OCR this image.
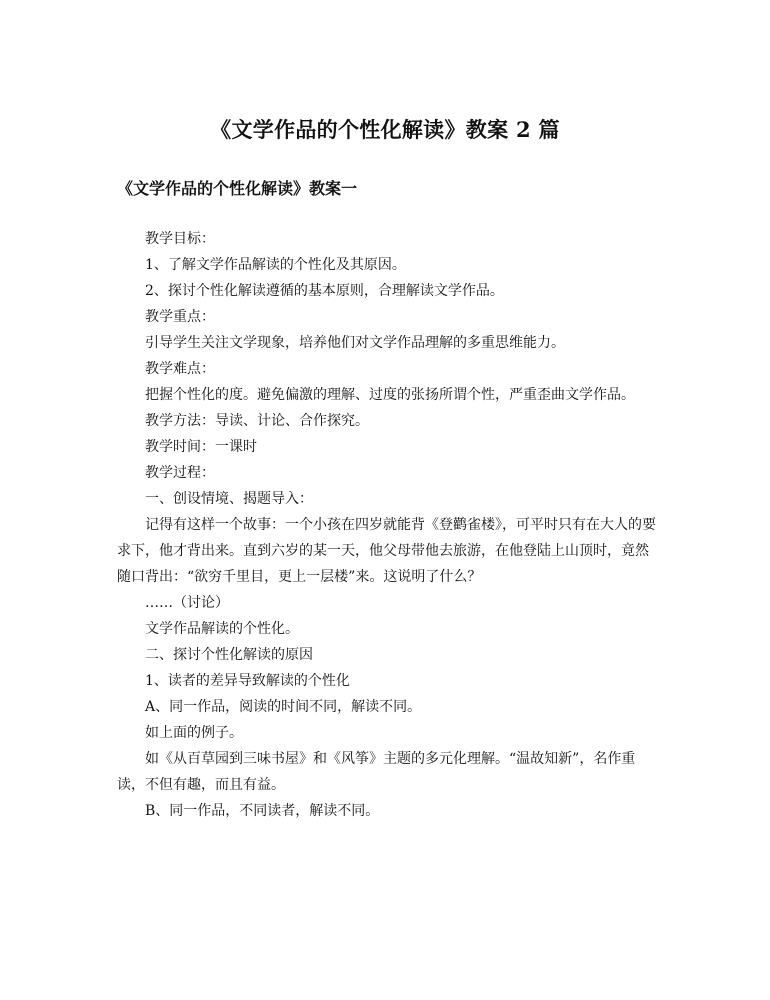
《文学作品的个性化解读》教案 2 篇
《文学作品的个性化解读》教案一

教学目标：

1、了解文学作品解读的个性化及其原因。

2、探讨个性化解读遵循的基本原则，合理解读文学作品。

教学重点：

引导学生关注文学现象，培养他们对文学作品理解的多重思维能力。

教学难点：

把握个性化的度。避免偏激的理解、过度的张扬所谓个性，严重歪曲文学作品。

教学方法：导读、计论、合作探究。

教学时间：一课时

教学过程：

一、创设情境、揭题导入：

记得有这样一个故事：一个小孩在四岁就能背《登鹳雀楼》，可平时只有在大人的要求下，他才背出来。直到六岁的某一天，他父母带他去旅游，在他登陆上山顶时，竟然随口背出：“欲穷千里目，更上一层楼”来。这说明了什么？

……（讨论）

文学作品解读的个性化。

二、探讨个性化解读的原因

1、读者的差异导致解读的个性化

A、同一作品，阅读的时间不同，解读不同。

如上面的例子。

如《从百草园到三味书屋》和《风筝》主题的多元化理解。“温故知新”，名作重读，不但有趣，而且有益。

B、同一作品，不同读者，解读不同。
